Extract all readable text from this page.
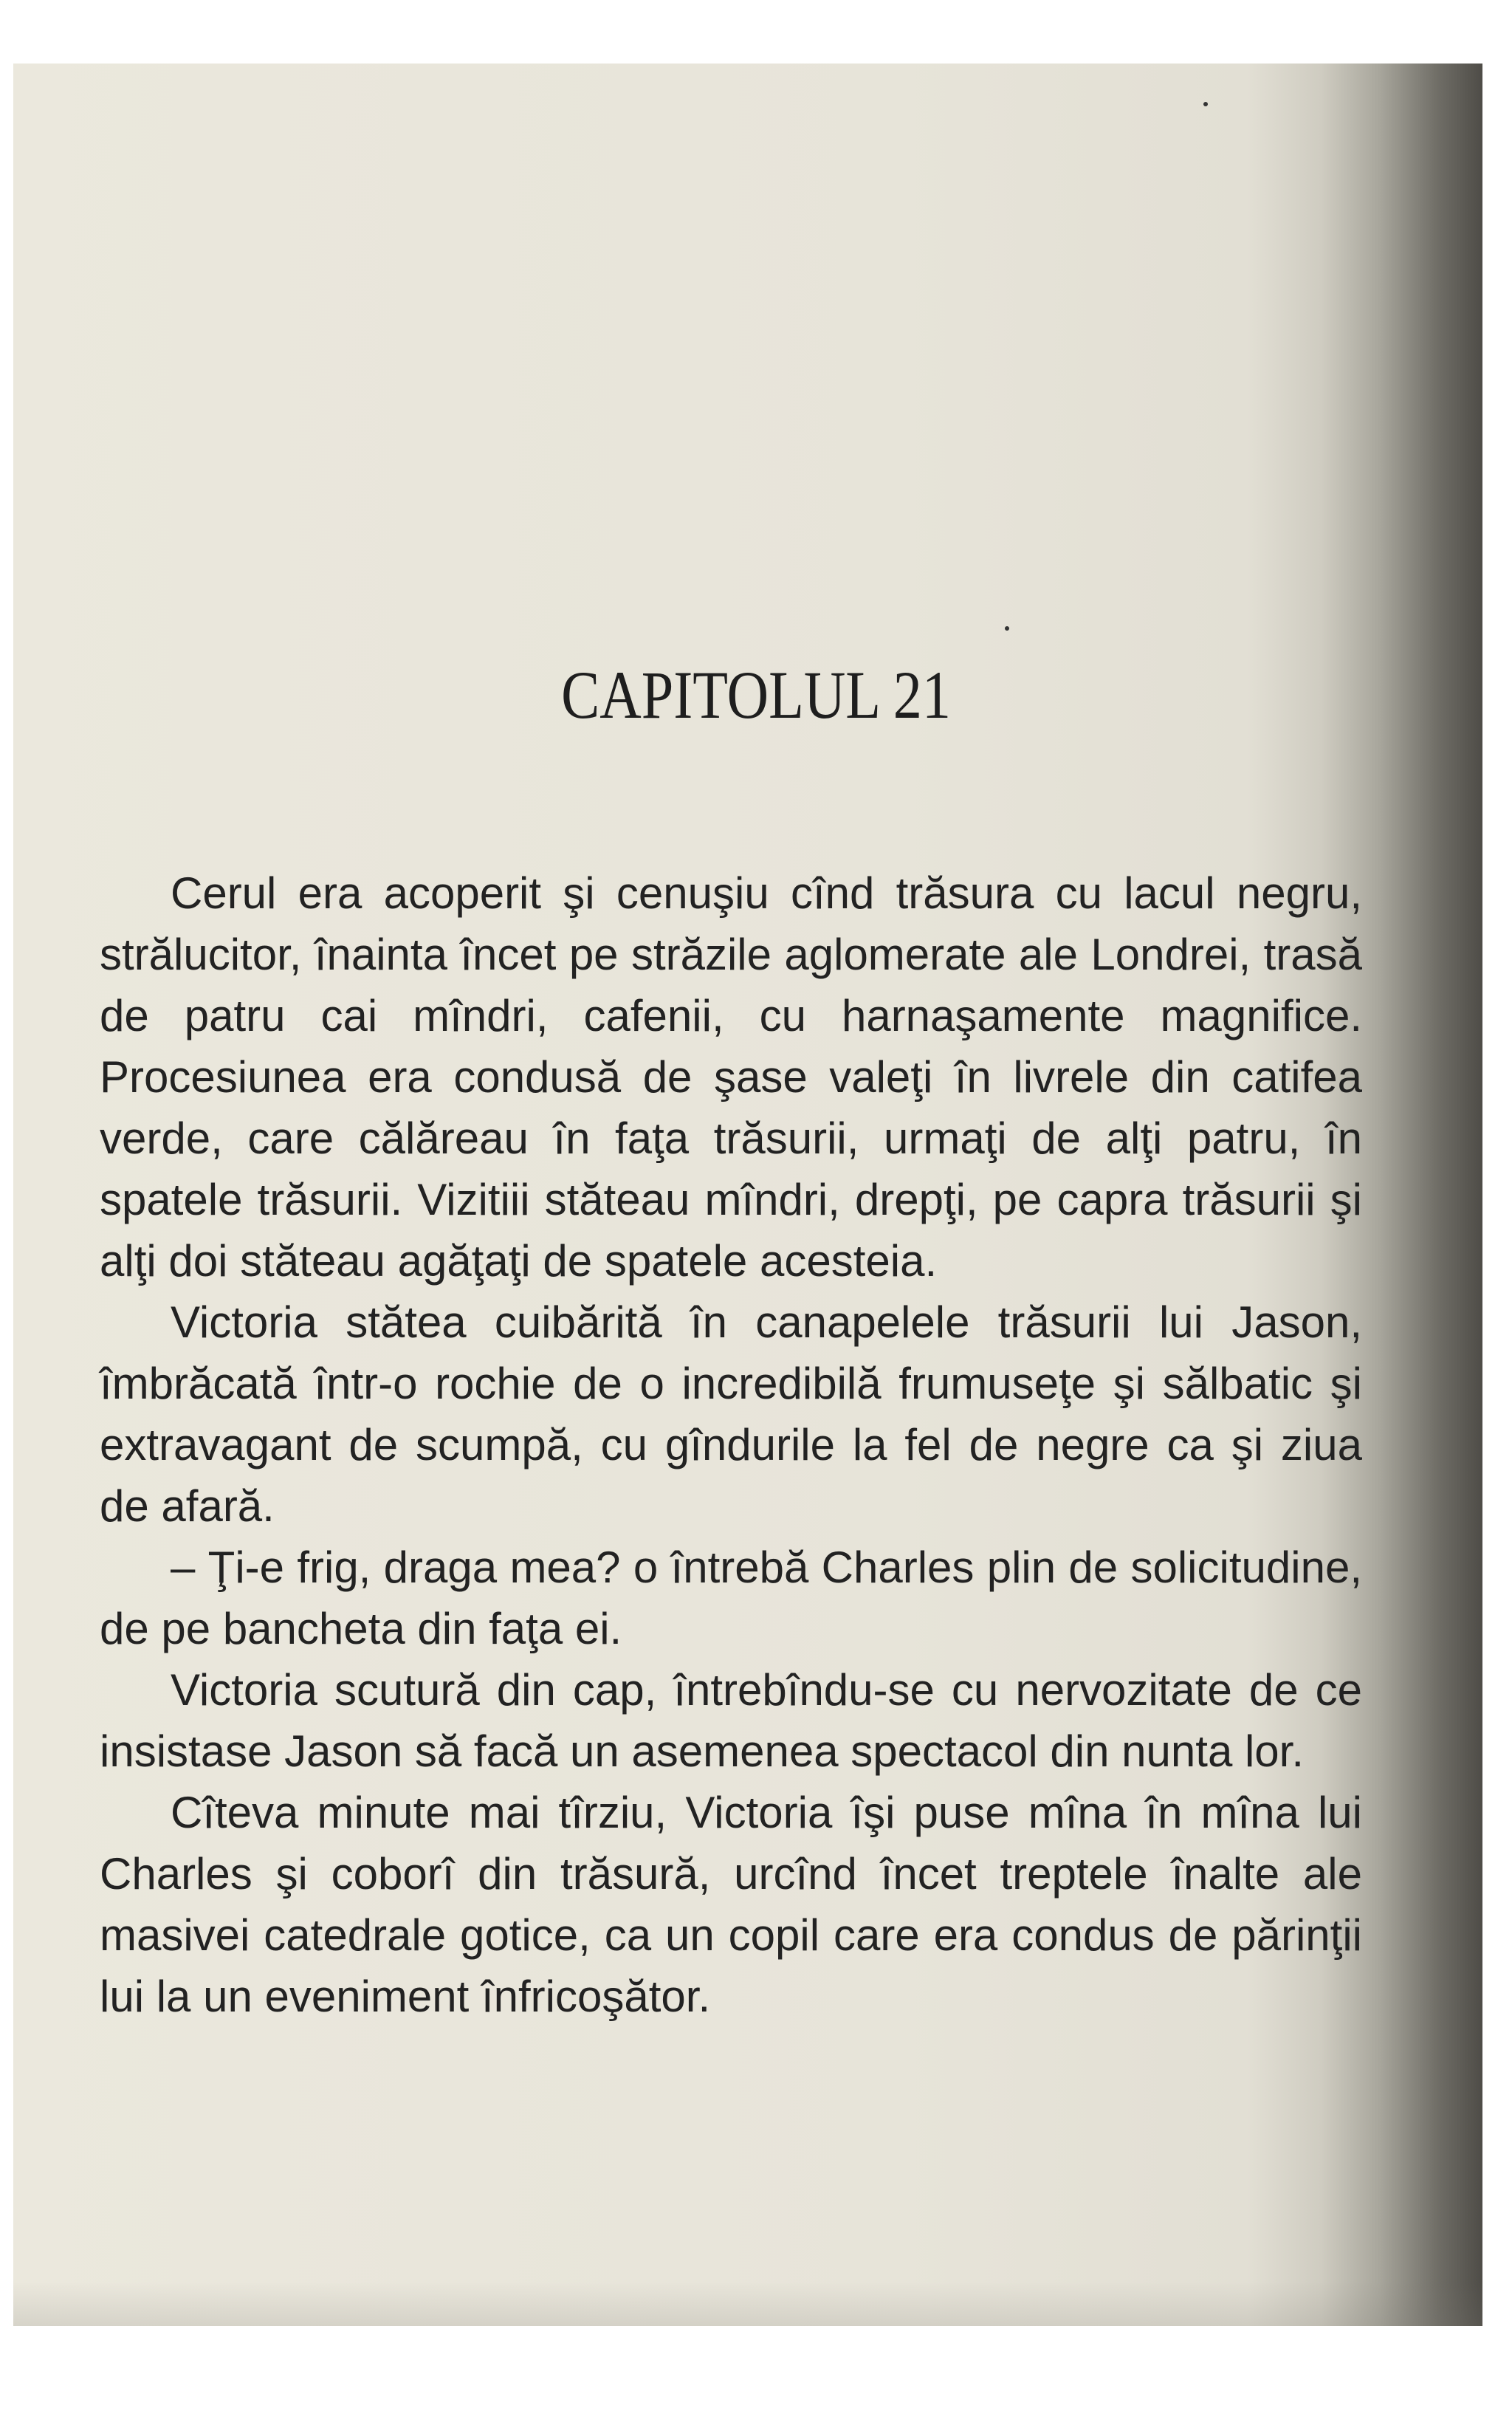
CAPITOLUL 21

Cerul era acoperit şi cenuşiu cînd trăsura cu lacul negru, strălucitor, înainta încet pe străzile aglomerate ale Londrei, trasă de patru cai mîndri, cafenii, cu harnaşamente magnifice. Procesiunea era condusă de şase valeţi în livrele din catifea verde, care călăreau în faţa trăsurii, urmaţi de alţi patru, în spatele trăsurii. Vizitiii stăteau mîndri, drepţi, pe capra trăsurii şi alţi doi stăteau agăţaţi de spatele acesteia.

Victoria stătea cuibărită în canapelele trăsurii lui Jason, îmbrăcată într-o rochie de o incredibilă frumuseţe şi sălbatic şi extravagant de scumpă, cu gîndurile la fel de negre ca şi ziua de afară.

– Ţi-e frig, draga mea? o întrebă Charles plin de solicitudine, de pe bancheta din faţa ei.

Victoria scutură din cap, întrebîndu-se cu nervozitate de ce insistase Jason să facă un asemenea spectacol din nunta lor.

Cîteva minute mai tîrziu, Victoria îşi puse mîna în mîna lui Charles şi coborî din trăsură, urcînd încet treptele înalte ale masivei catedrale gotice, ca un copil care era condus de părinţii lui la un eveniment înfricoşător.
